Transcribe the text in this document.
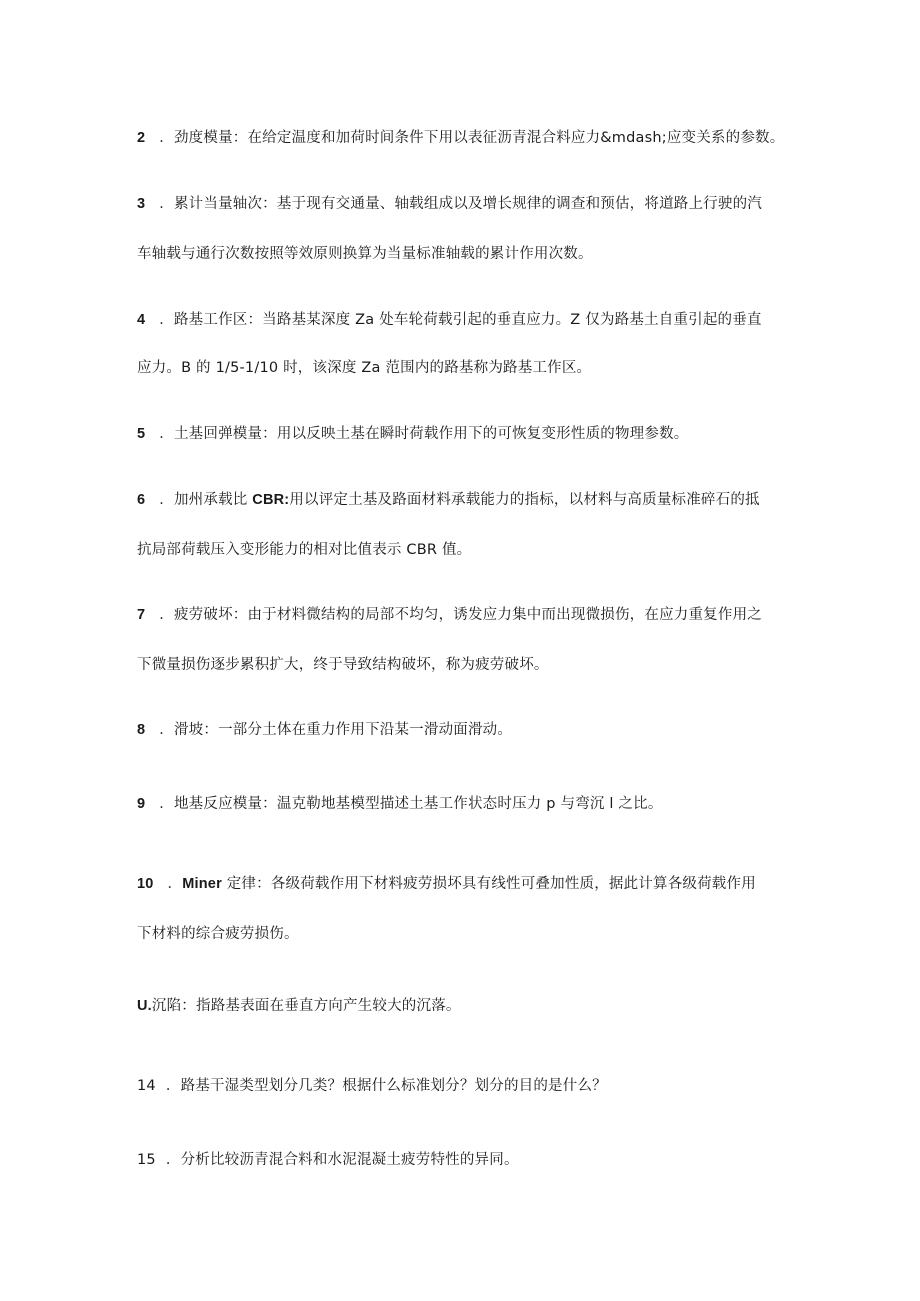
2 ．劲度模量：在给定温度和加荷时间条件下用以表征沥青混合料应力&mdash;应变关系的参数。
3 ．累计当量轴次：基于现有交通量、轴载组成以及增长规律的调查和预估，将道路上行驶的汽
车轴载与通行次数按照等效原则换算为当量标准轴载的累计作用次数。
4 ．路基工作区：当路基某深度 Za 处车轮荷载引起的垂直应力。Z 仅为路基土自重引起的垂直
应力。B 的 1/5-1/10 时，该深度 Za 范围内的路基称为路基工作区。
5 ．土基回弹模量：用以反映土基在瞬时荷载作用下的可恢复变形性质的物理参数。
6 ．加州承载比 CBR:用以评定土基及路面材料承载能力的指标，以材料与高质量标准碎石的抵
抗局部荷载压入变形能力的相对比值表示 CBR 值。
7 ．疲劳破坏：由于材料微结构的局部不均匀，诱发应力集中而出现微损伤，在应力重复作用之
下微量损伤逐步累积扩大，终于导致结构破坏，称为疲劳破坏。
8 ．滑坡：一部分土体在重力作用下沿某一滑动面滑动。
9 ．地基反应模量：温克勒地基模型描述土基工作状态时压力 p 与弯沉 l 之比。
10 ．Miner 定律：各级荷载作用下材料疲劳损坏具有线性可叠加性质，据此计算各级荷载作用
下材料的综合疲劳损伤。
U.沉陷：指路基表面在垂直方向产生较大的沉落。
14 ．路基干湿类型划分几类？根据什么标准划分？划分的目的是什么？
15 ．分析比较沥青混合料和水泥混凝土疲劳特性的异同。
